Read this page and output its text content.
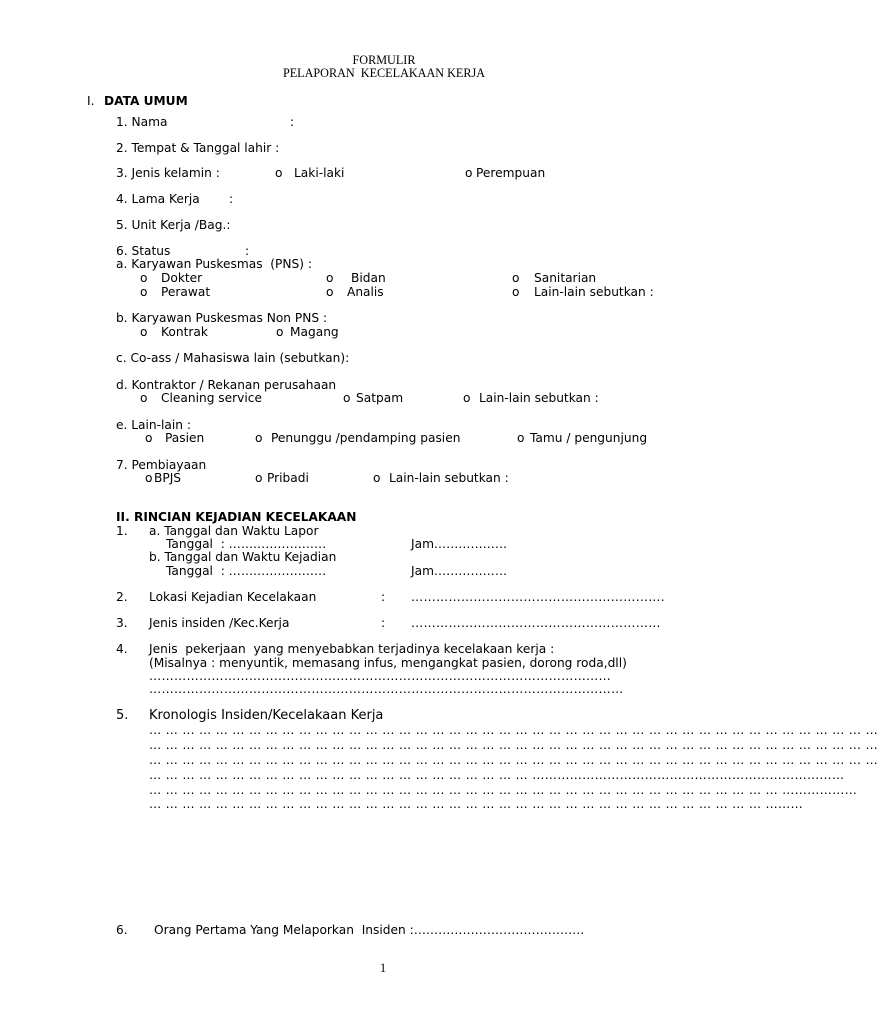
FORMULIR
PELAPORAN  KECELAKAAN KERJA
I. DATA UMUM
1. Nama	:
2. Tempat & Tanggal lahir :
3. Jenis kelamin :	o Laki-laki	o Perempuan
4. Lama Kerja :
5. Unit Kerja /Bag.:
6. Status	:
a. Karyawan Puskesmas  (PNS) :
o Dokter	o Bidan	o Sanitarian
o Perawat	o Analis	o Lain-lain sebutkan :
b. Karyawan Puskesmas Non PNS :
o Kontrak	o Magang
c. Co-ass / Mahasiswa lain (sebutkan):
d. Kontraktor / Rekanan perusahaan
o Cleaning service	o Satpam	o Lain-lain sebutkan :
e. Lain-lain :
o Pasien	o Penunggu /pendamping pasien	o Tamu / pengunjung
7. Pembiayaan
o BPJS	o Pribadi	o Lain-lain sebutkan :
II. RINCIAN KEJADIAN KECELAKAAN
1. a. Tanggal dan Waktu Lapor
Tanggal  : ……………………	Jam………………
b. Tanggal dan Waktu Kejadian
Tanggal  : ……………………	Jam………………
2. Lokasi Kejadian Kecelakaan	: …………………………………………………….
3. Jenis insiden /Kec.Kerja	: ……………………………………………………
4. Jenis  pekerjaan  yang menyebabkan terjadinya kecelakaan kerja :
(Misalnya : menyuntik, memasang infus, mengangkat pasien, dorong roda,dll)
…………………………………………………………………………………………………
……………………………………………………………………………………………………
5. Kronologis Insiden/Kecelakaan Kerja
… … … … … … … … … … … … … … … … … … … … … … … … … … … … … … … … … … … … … … … … … … … …
… … … … … … … … … … … … … … … … … … … … … … … … … … … … … … … … … … … … … … … … … … … …
… … … … … … … … … … … … … … … … … … … … … … … … … … … … … … … … … … … … … … … … … … … …
… … … … … … … … … … … … … … … … … … … … … … … …………………………………………………………………
… … … … … … … … … … … … … … … … … … … … … … … … … … … … … … … … … … … … … … ………………
… … … … … … … … … … … … … … … … … … … … … … … … … … … … … … … … … … … … … ………
6. Orang Pertama Yang Melaporkan  Insiden :……………………………………
1
